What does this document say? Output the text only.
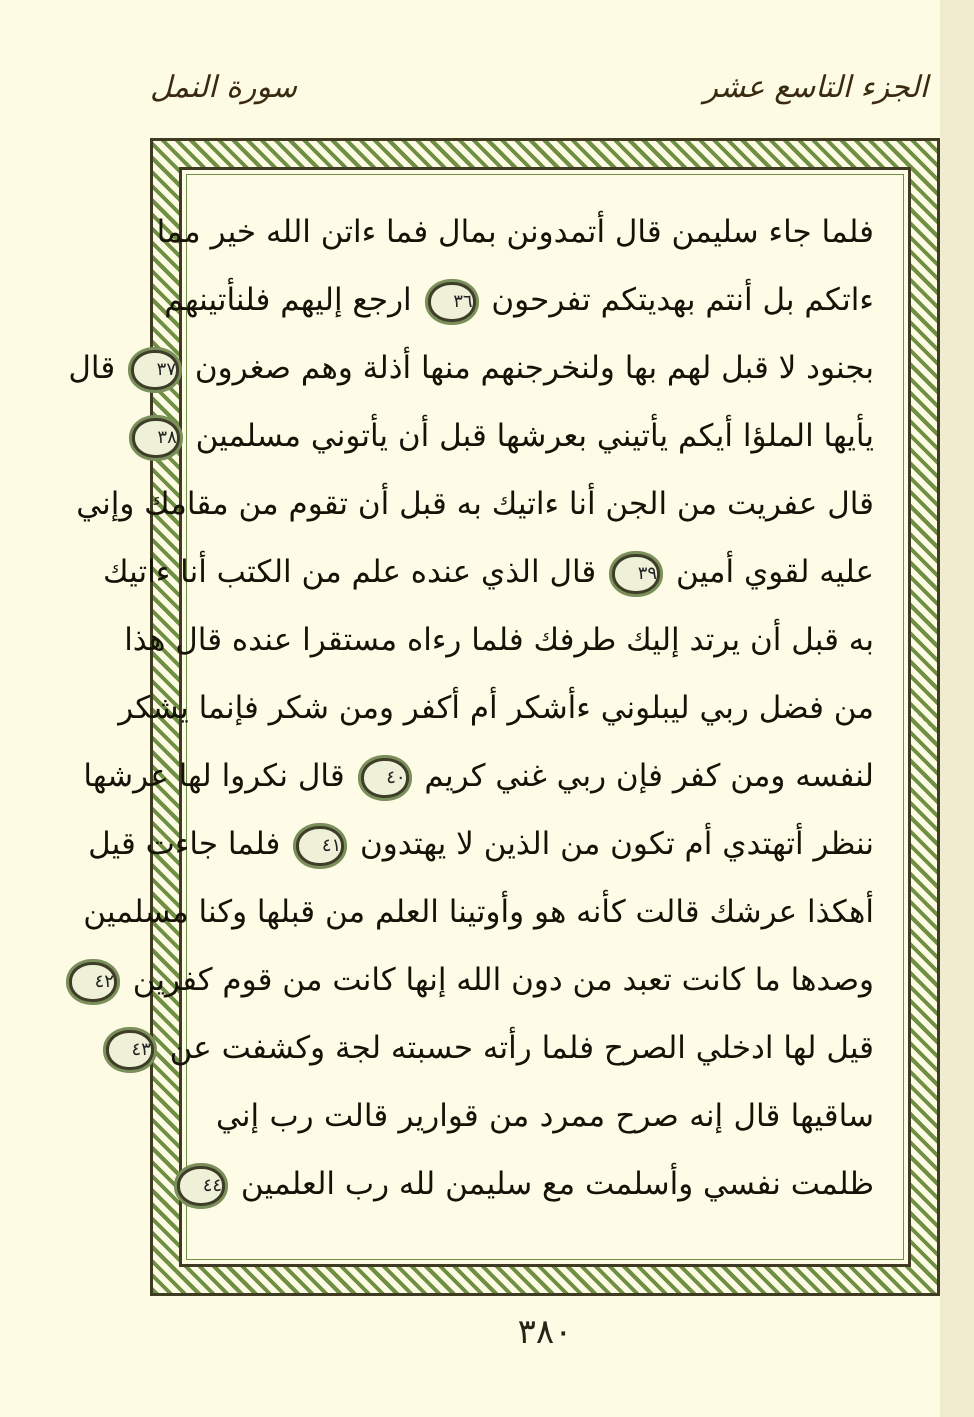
الجزء التاسع عشر
سورة النمل
فلما جاء سليمن قال أتمدونن بمال فما ءاتن الله خير مما
ءاتكم بل أنتم بهديتكم تفرحون ٣٦ ارجع إليهم فلنأتينهم
بجنود لا قبل لهم بها ولنخرجنهم منها أذلة وهم صغرون ٣٧ قال
يأيها الملؤا أيكم يأتيني بعرشها قبل أن يأتوني مسلمين ٣٨
قال عفريت من الجن أنا ءاتيك به قبل أن تقوم من مقامك وإني
عليه لقوي أمين ٣٩ قال الذي عنده علم من الكتب أنا ءاتيك
به قبل أن يرتد إليك طرفك فلما رءاه مستقرا عنده قال هذا
من فضل ربي ليبلوني ءأشكر أم أكفر ومن شكر فإنما يشكر
لنفسه ومن كفر فإن ربي غني كريم ٤٠ قال نكروا لها عرشها
ننظر أتهتدي أم تكون من الذين لا يهتدون ٤١ فلما جاءت قيل
أهكذا عرشك قالت كأنه هو وأوتينا العلم من قبلها وكنا مسلمين
وصدها ما كانت تعبد من دون الله إنها كانت من قوم كفرين ٤٢
قيل لها ادخلي الصرح فلما رأته حسبته لجة وكشفت عن ٤٣
ساقيها قال إنه صرح ممرد من قوارير قالت رب إني
ظلمت نفسي وأسلمت مع سليمن لله رب العلمين ٤٤
٣٨٠
